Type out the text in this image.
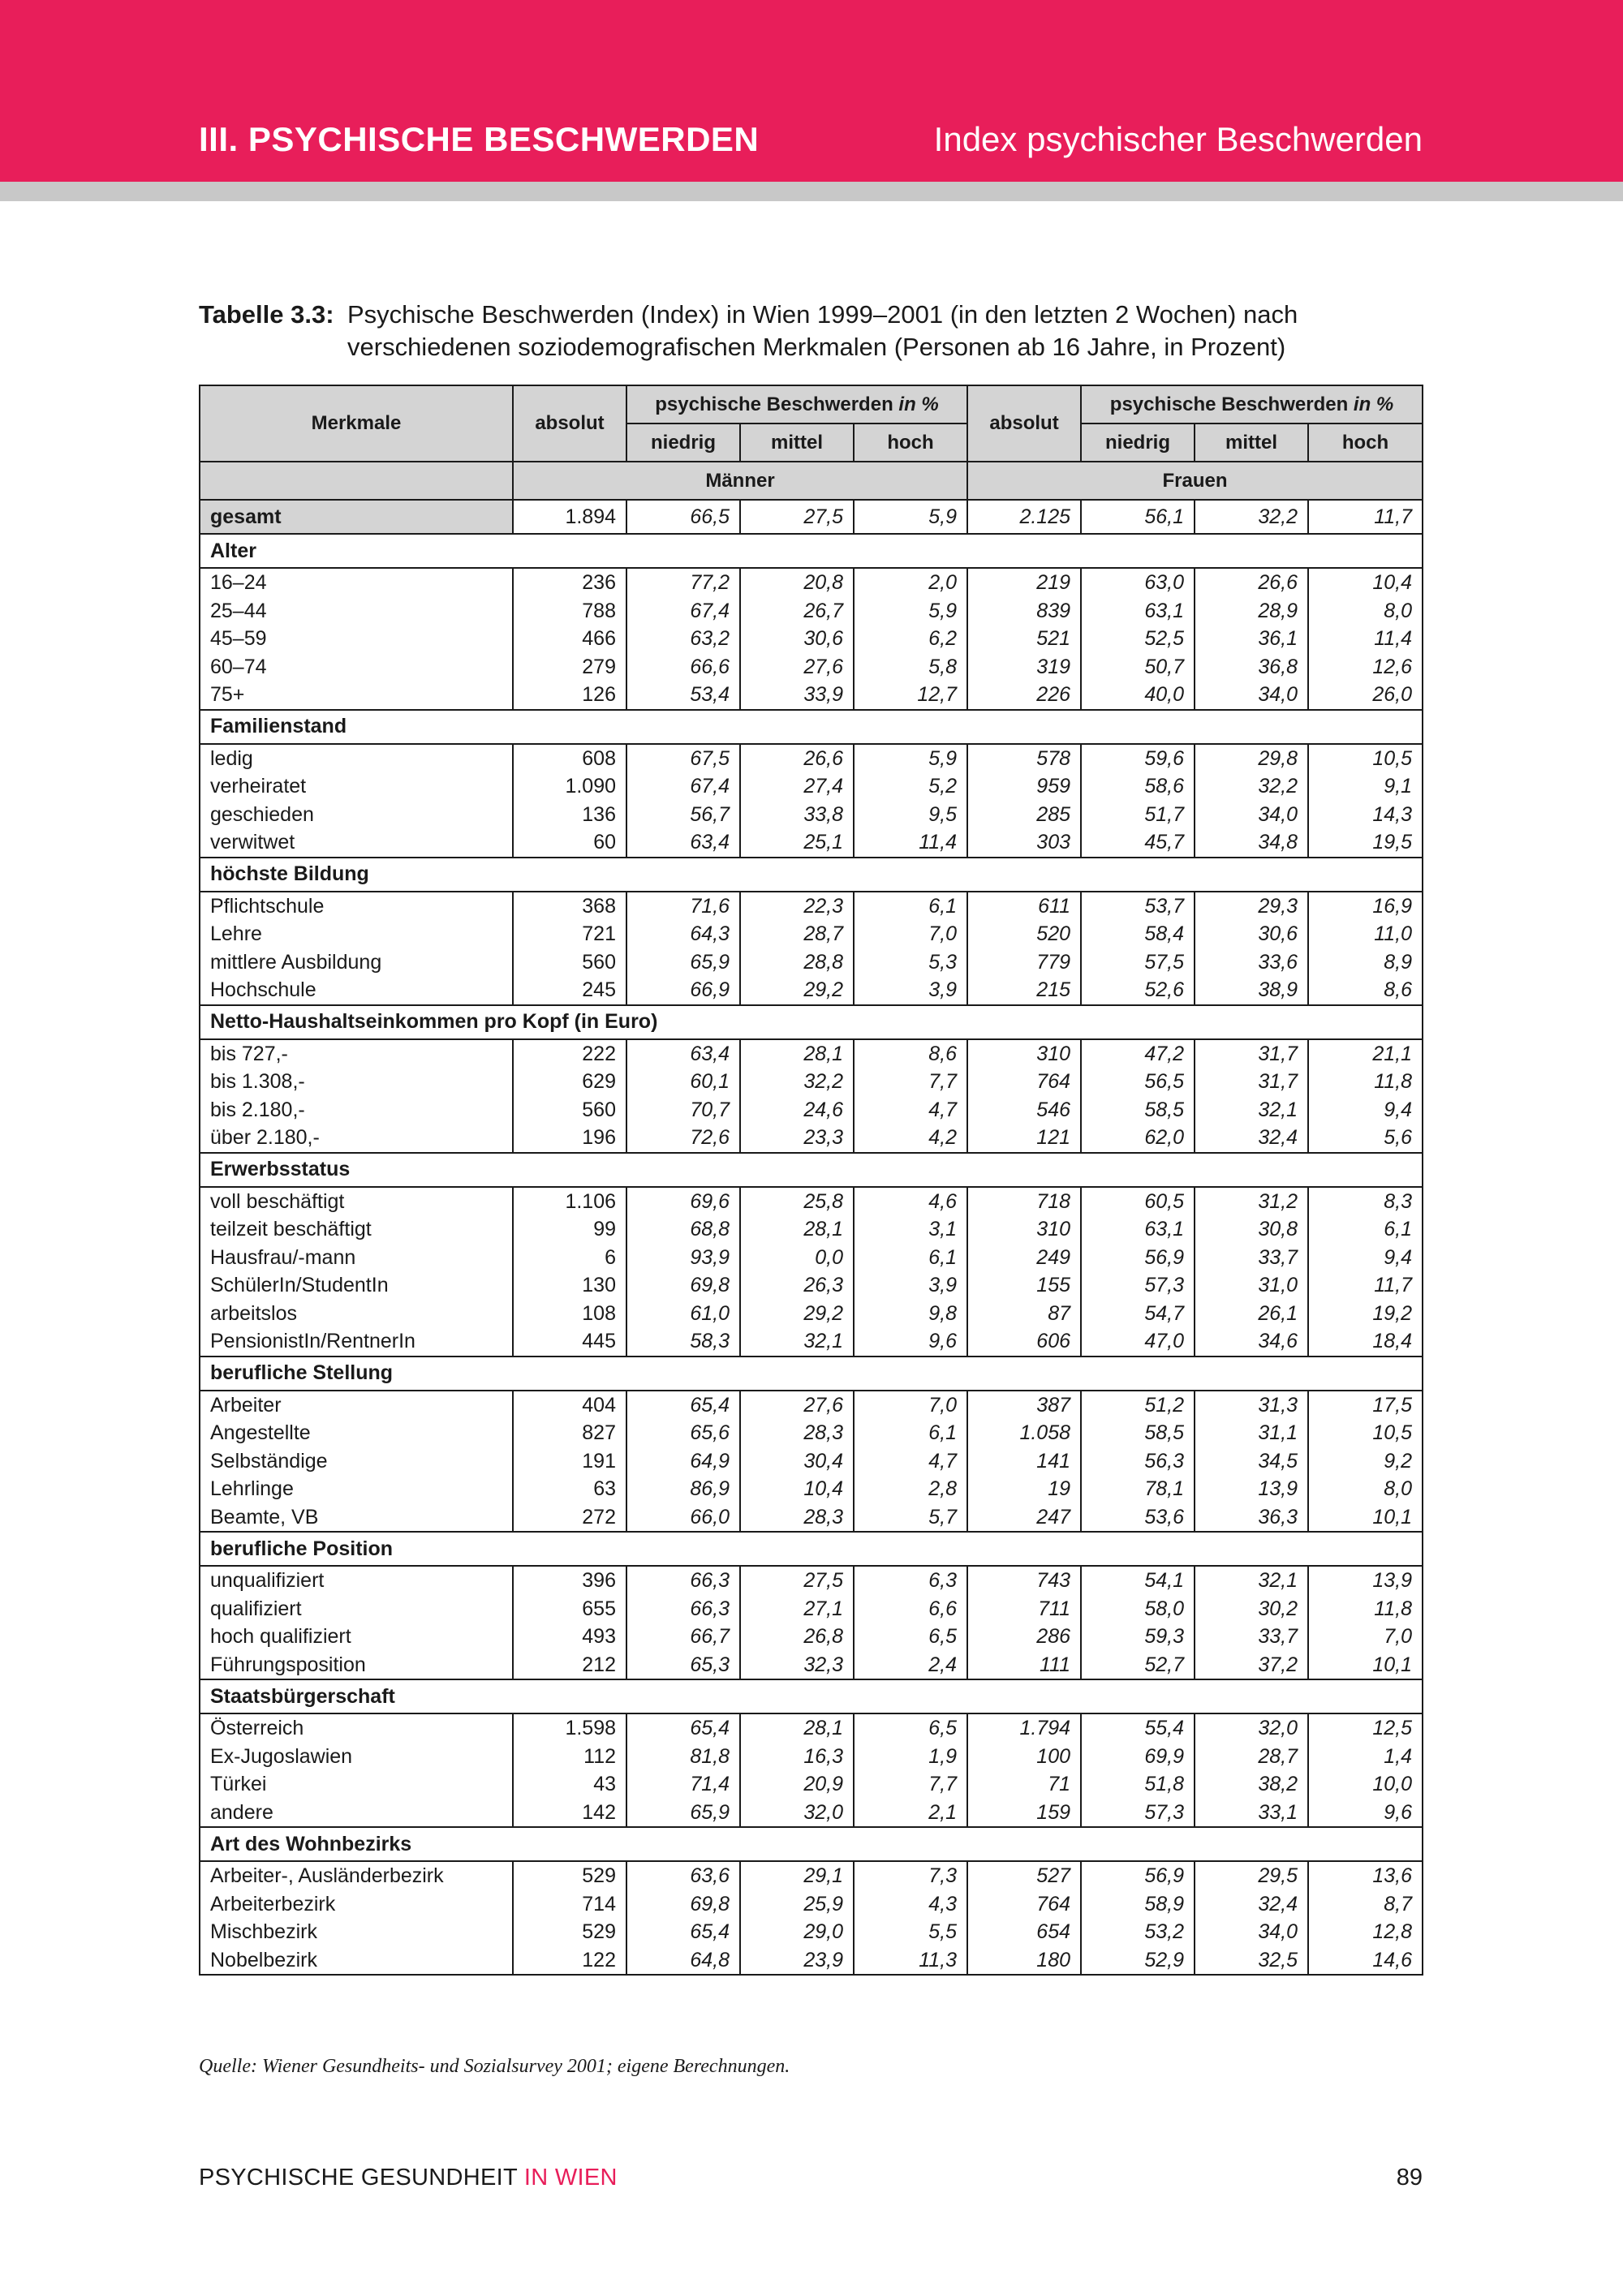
III. PSYCHISCHE BESCHWERDEN	Index psychischer Beschwerden
Tabelle 3.3: Psychische Beschwerden (Index) in Wien 1999–2001 (in den letzten 2 Wochen) nach verschiedenen soziodemografischen Merkmalen (Personen ab 16 Jahre, in Prozent)
Merkmale	absolut	psychische Beschwerden in %			absolut	psychische Beschwerden in %		
		niedrig	mittel	hoch		niedrig	mittel	hoch
	Männer				Frauen			
gesamt	1.894	66,5	27,5	5,9	2.125	56,1	32,2	11,7
Alter								
16–24	236	77,2	20,8	2,0	219	63,0	26,6	10,4
25–44	788	67,4	26,7	5,9	839	63,1	28,9	8,0
45–59	466	63,2	30,6	6,2	521	52,5	36,1	11,4
60–74	279	66,6	27,6	5,8	319	50,7	36,8	12,6
75+	126	53,4	33,9	12,7	226	40,0	34,0	26,0
Familienstand								
ledig	608	67,5	26,6	5,9	578	59,6	29,8	10,5
verheiratet	1.090	67,4	27,4	5,2	959	58,6	32,2	9,1
geschieden	136	56,7	33,8	9,5	285	51,7	34,0	14,3
verwitwet	60	63,4	25,1	11,4	303	45,7	34,8	19,5
höchste Bildung								
Pflichtschule	368	71,6	22,3	6,1	611	53,7	29,3	16,9
Lehre	721	64,3	28,7	7,0	520	58,4	30,6	11,0
mittlere Ausbildung	560	65,9	28,8	5,3	779	57,5	33,6	8,9
Hochschule	245	66,9	29,2	3,9	215	52,6	38,9	8,6
Netto-Haushaltseinkommen pro Kopf (in Euro)								
bis 727,-	222	63,4	28,1	8,6	310	47,2	31,7	21,1
bis 1.308,-	629	60,1	32,2	7,7	764	56,5	31,7	11,8
bis 2.180,-	560	70,7	24,6	4,7	546	58,5	32,1	9,4
über 2.180,-	196	72,6	23,3	4,2	121	62,0	32,4	5,6
Erwerbsstatus								
voll beschäftigt	1.106	69,6	25,8	4,6	718	60,5	31,2	8,3
teilzeit beschäftigt	99	68,8	28,1	3,1	310	63,1	30,8	6,1
Hausfrau/-mann	6	93,9	0,0	6,1	249	56,9	33,7	9,4
SchülerIn/StudentIn	130	69,8	26,3	3,9	155	57,3	31,0	11,7
arbeitslos	108	61,0	29,2	9,8	87	54,7	26,1	19,2
PensionistIn/RentnerIn	445	58,3	32,1	9,6	606	47,0	34,6	18,4
berufliche Stellung								
Arbeiter	404	65,4	27,6	7,0	387	51,2	31,3	17,5
Angestellte	827	65,6	28,3	6,1	1.058	58,5	31,1	10,5
Selbständige	191	64,9	30,4	4,7	141	56,3	34,5	9,2
Lehrlinge	63	86,9	10,4	2,8	19	78,1	13,9	8,0
Beamte, VB	272	66,0	28,3	5,7	247	53,6	36,3	10,1
berufliche Position								
unqualifiziert	396	66,3	27,5	6,3	743	54,1	32,1	13,9
qualifiziert	655	66,3	27,1	6,6	711	58,0	30,2	11,8
hoch qualifiziert	493	66,7	26,8	6,5	286	59,3	33,7	7,0
Führungsposition	212	65,3	32,3	2,4	111	52,7	37,2	10,1
Staatsbürgerschaft								
Österreich	1.598	65,4	28,1	6,5	1.794	55,4	32,0	12,5
Ex-Jugoslawien	112	81,8	16,3	1,9	100	69,9	28,7	1,4
Türkei	43	71,4	20,9	7,7	71	51,8	38,2	10,0
andere	142	65,9	32,0	2,1	159	57,3	33,1	9,6
Art des Wohnbezirks								
Arbeiter-, Ausländerbezirk	529	63,6	29,1	7,3	527	56,9	29,5	13,6
Arbeiterbezirk	714	69,8	25,9	4,3	764	58,9	32,4	8,7
Mischbezirk	529	65,4	29,0	5,5	654	53,2	34,0	12,8
Nobelbezirk	122	64,8	23,9	11,3	180	52,9	32,5	14,6
Quelle: Wiener Gesundheits- und Sozialsurvey 2001; eigene Berechnungen.
PSYCHISCHE GESUNDHEIT IN WIEN	89
